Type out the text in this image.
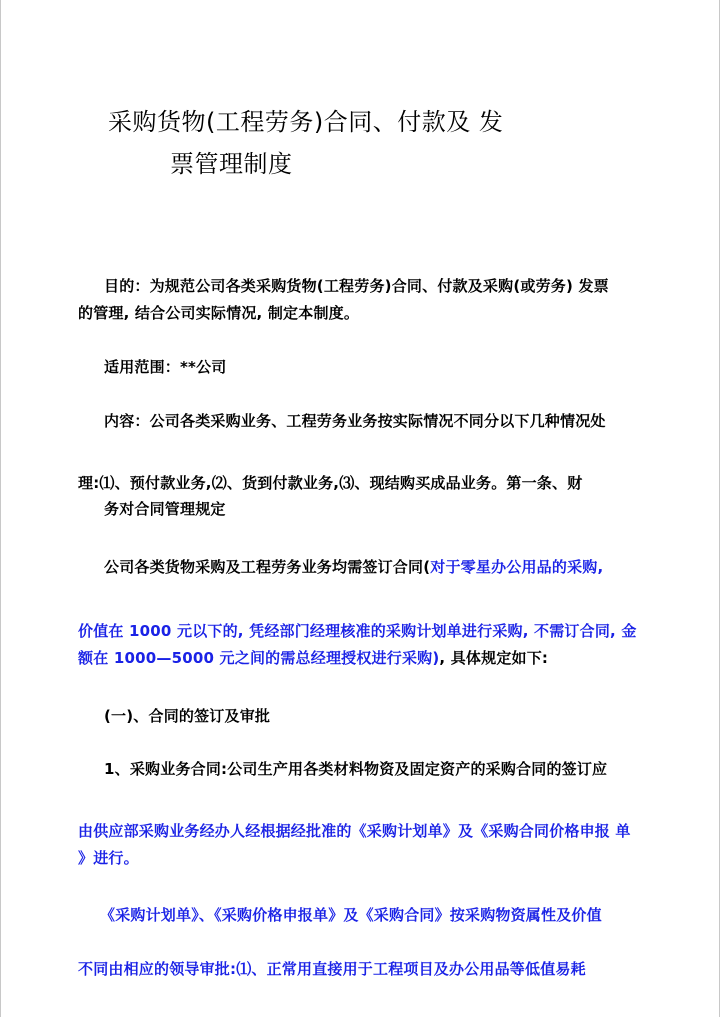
采购货物(工程劳务)合同、付款及 发
票管理制度
目的：为规范公司各类采购货物(工程劳务)合同、付款及采购(或劳务) 发票
的管理, 结合公司实际情况, 制定本制度。
适用范围：**公司
内容：公司各类采购业务、工程劳务业务按实际情况不同分以下几种情况处
理:⑴、预付款业务,⑵、货到付款业务,⑶、现结购买成品业务。第一条、财
务对合同管理规定
公司各类货物采购及工程劳务业务均需签订合同(对于零星办公用品的采购,
价值在 1000 元以下的, 凭经部门经理核准的采购计划单进行采购, 不需订合同, 金
额在 1000—5000 元之间的需总经理授权进行采购), 具体规定如下:
(一)、合同的签订及审批
1、采购业务合同:公司生产用各类材料物资及固定资产的采购合同的签订应
由供应部采购业务经办人经根据经批准的《采购计划单》及《采购合同价格申报 单
》进行。
《采购计划单》、《采购价格申报单》及《采购合同》按采购物资属性及价值
不同由相应的领导审批:⑴、正常用直接用于工程项目及办公用品等低值易耗
